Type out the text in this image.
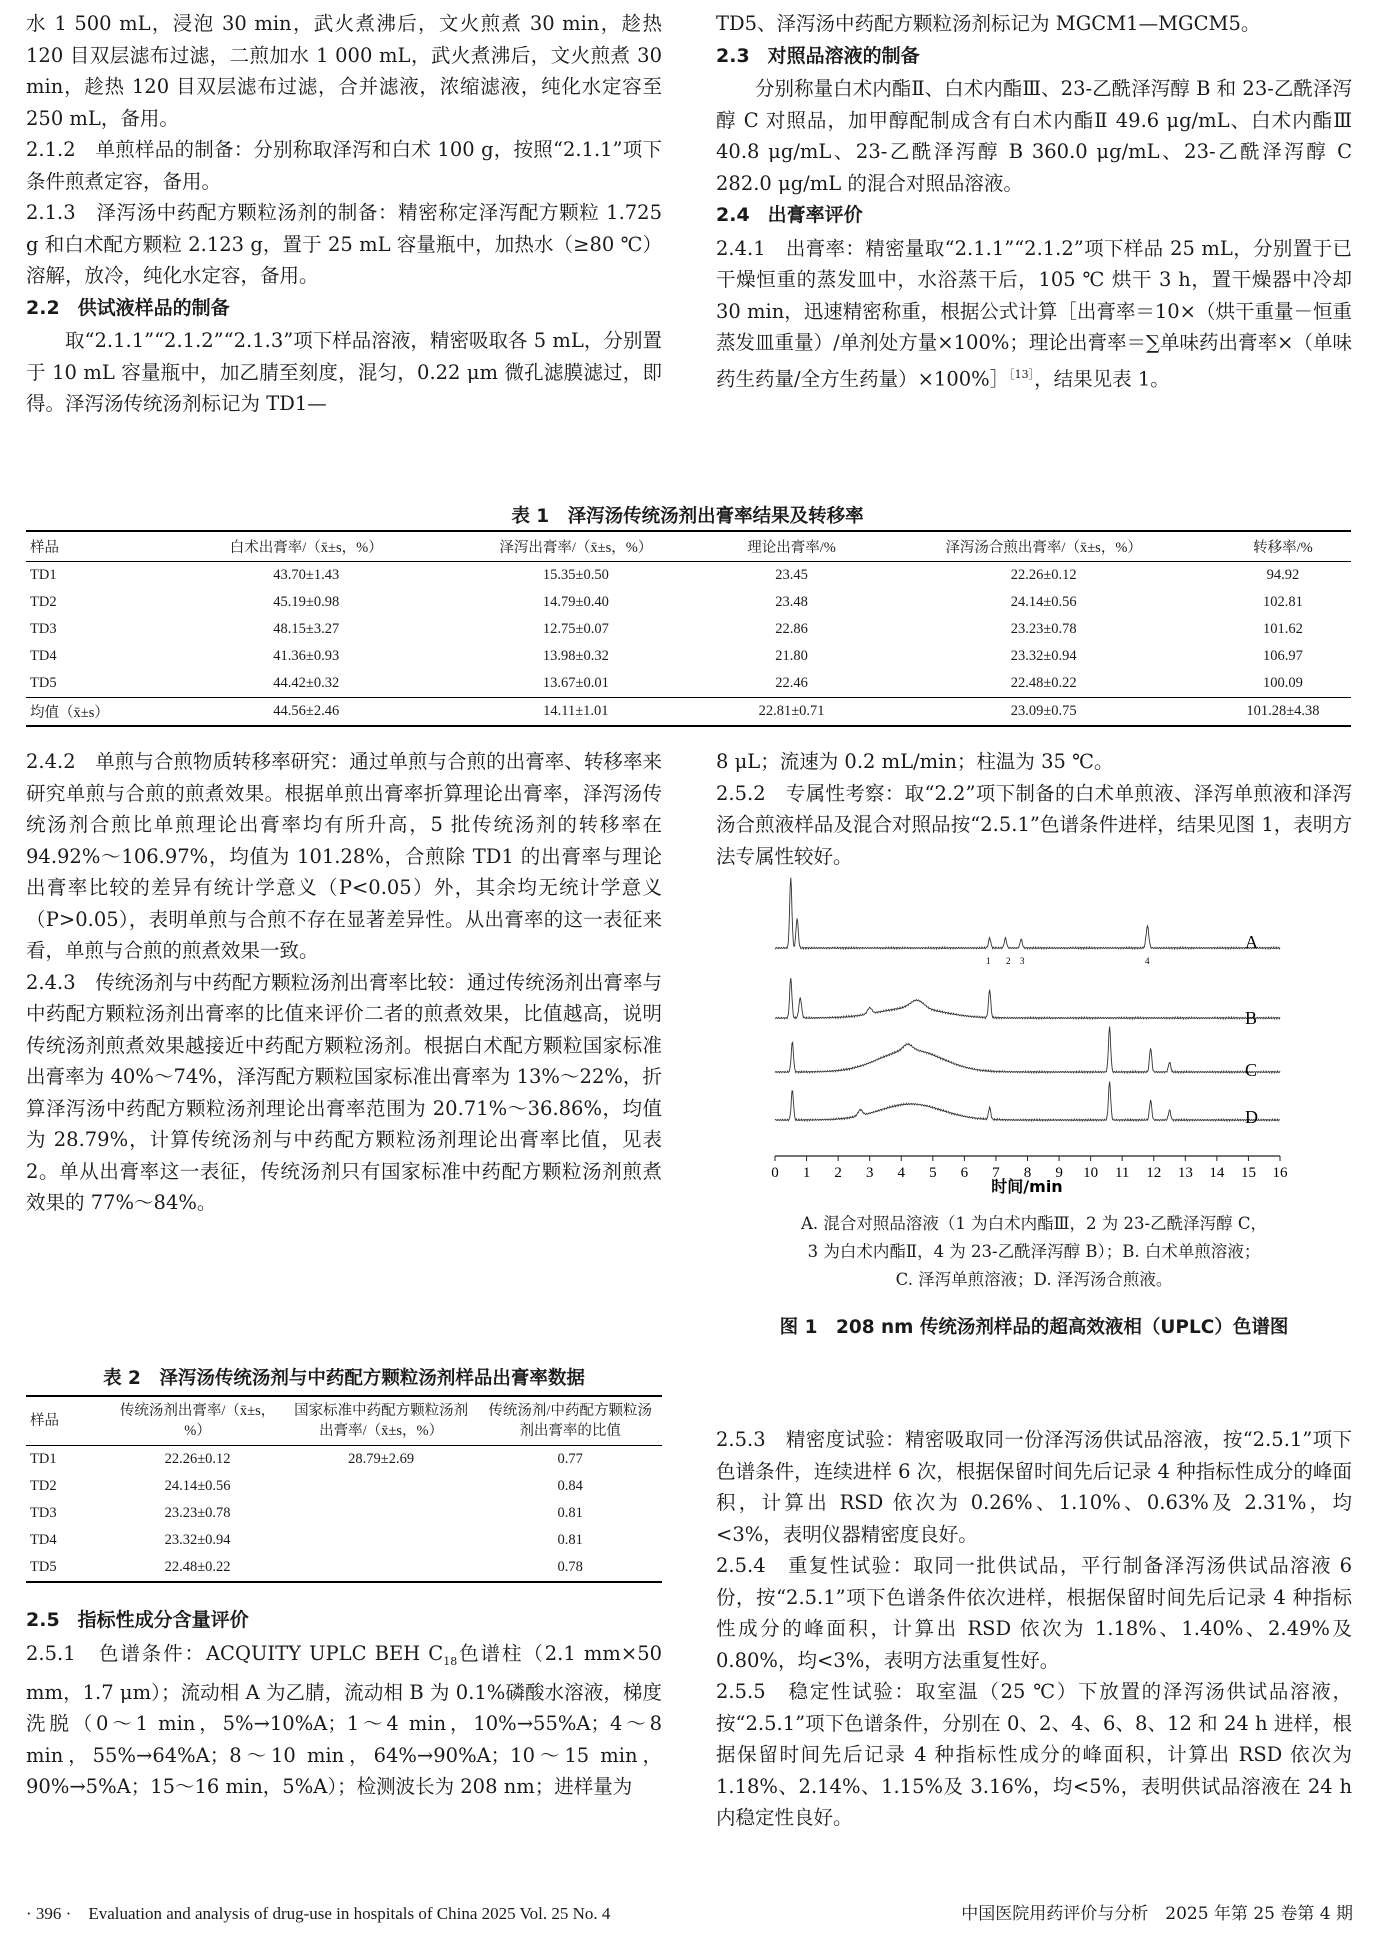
水 1 500 mL，浸泡 30 min，武火煮沸后，文火煎煮 30 min，趁热 120 目双层滤布过滤，二煎加水 1 000 mL，武火煮沸后，文火煎煮 30 min，趁热 120 目双层滤布过滤，合并滤液，浓缩滤液，纯化水定容至 250 mL，备用。

2.1.2　单煎样品的制备：分别称取泽泻和白术 100 g，按照“2.1.1”项下条件煎煮定容，备用。

2.1.3　泽泻汤中药配方颗粒汤剂的制备：精密称定泽泻配方颗粒 1.725 g 和白术配方颗粒 2.123 g，置于 25 mL 容量瓶中，加热水（≥80 ℃）溶解，放冷，纯化水定容，备用。

2.2 供试液样品的制备

取“2.1.1”“2.1.2”“2.1.3”项下样品溶液，精密吸取各 5 mL，分别置于 10 mL 容量瓶中，加乙腈至刻度，混匀，0.22 μm 微孔滤膜滤过，即得。泽泻汤传统汤剂标记为 TD1—

TD5、泽泻汤中药配方颗粒汤剂标记为 MGCM1—MGCM5。

2.3 对照品溶液的制备

分别称量白术内酯Ⅱ、白术内酯Ⅲ、23-乙酰泽泻醇 B 和 23-乙酰泽泻醇 C 对照品，加甲醇配制成含有白术内酯Ⅱ 49.6 μg/mL、白术内酯Ⅲ 40.8 μg/mL、23-乙酰泽泻醇 B 360.0 μg/mL、23-乙酰泽泻醇 C 282.0 μg/mL 的混合对照品溶液。

2.4 出膏率评价

2.4.1　出膏率：精密量取“2.1.1”“2.1.2”项下样品 25 mL，分别置于已干燥恒重的蒸发皿中，水浴蒸干后，105 ℃ 烘干 3 h，置干燥器中冷却 30 min，迅速精密称重，根据公式计算［出膏率＝10×（烘干重量－恒重蒸发皿重量）/单剂处方量×100%；理论出膏率＝∑单味药出膏率×（单味药生药量/全方生药量）×100%］$^{[13]}$，结果见表 1。

表 1　泽泻汤传统汤剂出膏率结果及转移率
样品	白术出膏率/（x̄±s，%）	泽泻出膏率/（x̄±s，%）	理论出膏率/%	泽泻汤合煎出膏率/（x̄±s，%）	转移率/%
TD1	43.70±1.43	15.35±0.50	23.45	22.26±0.12	94.92
TD2	45.19±0.98	14.79±0.40	23.48	24.14±0.56	102.81
TD3	48.15±3.27	12.75±0.07	22.86	23.23±0.78	101.62
TD4	41.36±0.93	13.98±0.32	21.80	23.32±0.94	106.97
TD5	44.42±0.32	13.67±0.01	22.46	22.48±0.22	100.09
均值（x̄±s）	44.56±2.46	14.11±1.01	22.81±0.71	23.09±0.75	101.28±4.38

2.4.2　单煎与合煎物质转移率研究：通过单煎与合煎的出膏率、转移率来研究单煎与合煎的煎煮效果。根据单煎出膏率折算理论出膏率，泽泻汤传统汤剂合煎比单煎理论出膏率均有所升高，5 批传统汤剂的转移率在 94.92%～106.97%，均值为 101.28%，合煎除 TD1 的出膏率与理论出膏率比较的差异有统计学意义（P<0.05）外，其余均无统计学意义（P>0.05），表明单煎与合煎不存在显著差异性。从出膏率的这一表征来看，单煎与合煎的煎煮效果一致。

2.4.3　传统汤剂与中药配方颗粒汤剂出膏率比较：通过传统汤剂出膏率与中药配方颗粒汤剂出膏率的比值来评价二者的煎煮效果，比值越高，说明传统汤剂煎煮效果越接近中药配方颗粒汤剂。根据白术配方颗粒国家标准出膏率为 40%～74%，泽泻配方颗粒国家标准出膏率为 13%～22%，折算泽泻汤中药配方颗粒汤剂理论出膏率范围为 20.71%～36.86%，均值为 28.79%，计算传统汤剂与中药配方颗粒汤剂理论出膏率比值，见表 2。单从出膏率这一表征，传统汤剂只有国家标准中药配方颗粒汤剂煎煮效果的 77%～84%。

表 2　泽泻汤传统汤剂与中药配方颗粒汤剂样品出膏率数据
样品	传统汤剂出膏率/（x̄±s，%）	国家标准中药配方颗粒汤剂出膏率/（x̄±s，%）	传统汤剂/中药配方颗粒汤剂出膏率的比值
TD1	22.26±0.12	28.79±2.69	0.77
TD2	24.14±0.56		0.84
TD3	23.23±0.78		0.81
TD4	23.32±0.94		0.81
TD5	22.48±0.22		0.78

2.5 指标性成分含量评价

2.5.1　色谱条件：ACQUITY UPLC BEH $C_{18}$色谱柱（2.1 mm×50 mm，1.7 μm）；流动相 A 为乙腈，流动相 B 为 0.1%磷酸水溶液，梯度洗脱（0～1 min，5%→10%A；1～4 min，10%→55%A；4～8 min，55%→64%A；8～10 min，64%→90%A；10～15 min，90%→5%A；15～16 min，5%A）；检测波长为 208 nm；进样量为

8 μL；流速为 0.2 mL/min；柱温为 35 ℃。

2.5.2　专属性考察：取“2.2”项下制备的白术单煎液、泽泻单煎液和泽泻汤合煎液样品及混合对照品按“2.5.1”色谱条件进样，结果见图 1，表明方法专属性较好。

0 1 2 3 4 5 6 7 8 9 10 11 12 13 14 15 16
时间/min
A
B
C
D
1 2 3	4
A. 混合对照品溶液（1 为白术内酯Ⅲ，2 为 23-乙酰泽泻醇 C，
3 为白术内酯Ⅱ，4 为 23-乙酰泽泻醇 B）；B. 白术单煎溶液；
C. 泽泻单煎溶液；D. 泽泻汤合煎液。
图 1　208 nm 传统汤剂样品的超高效液相（UPLC）色谱图

2.5.3　精密度试验：精密吸取同一份泽泻汤供试品溶液，按“2.5.1”项下色谱条件，连续进样 6 次，根据保留时间先后记录 4 种指标性成分的峰面积，计算出 RSD 依次为 0.26%、1.10%、0.63%及 2.31%，均<3%，表明仪器精密度良好。

2.5.4　重复性试验：取同一批供试品，平行制备泽泻汤供试品溶液 6 份，按“2.5.1”项下色谱条件依次进样，根据保留时间先后记录 4 种指标性成分的峰面积，计算出 RSD 依次为 1.18%、1.40%、2.49%及 0.80%，均<3%，表明方法重复性好。

2.5.5　稳定性试验：取室温（25 ℃）下放置的泽泻汤供试品溶液，按“2.5.1”项下色谱条件，分别在 0、2、4、6、8、12 和 24 h 进样，根据保留时间先后记录 4 种指标性成分的峰面积，计算出 RSD 依次为 1.18%、2.14%、1.15%及 3.16%，均<5%，表明供试品溶液在 24 h 内稳定性良好。

· 396 ·　Evaluation and analysis of drug-use in hospitals of China 2025 Vol. 25 No. 4	中国医院用药评价与分析　2025 年第 25 卷第 4 期
